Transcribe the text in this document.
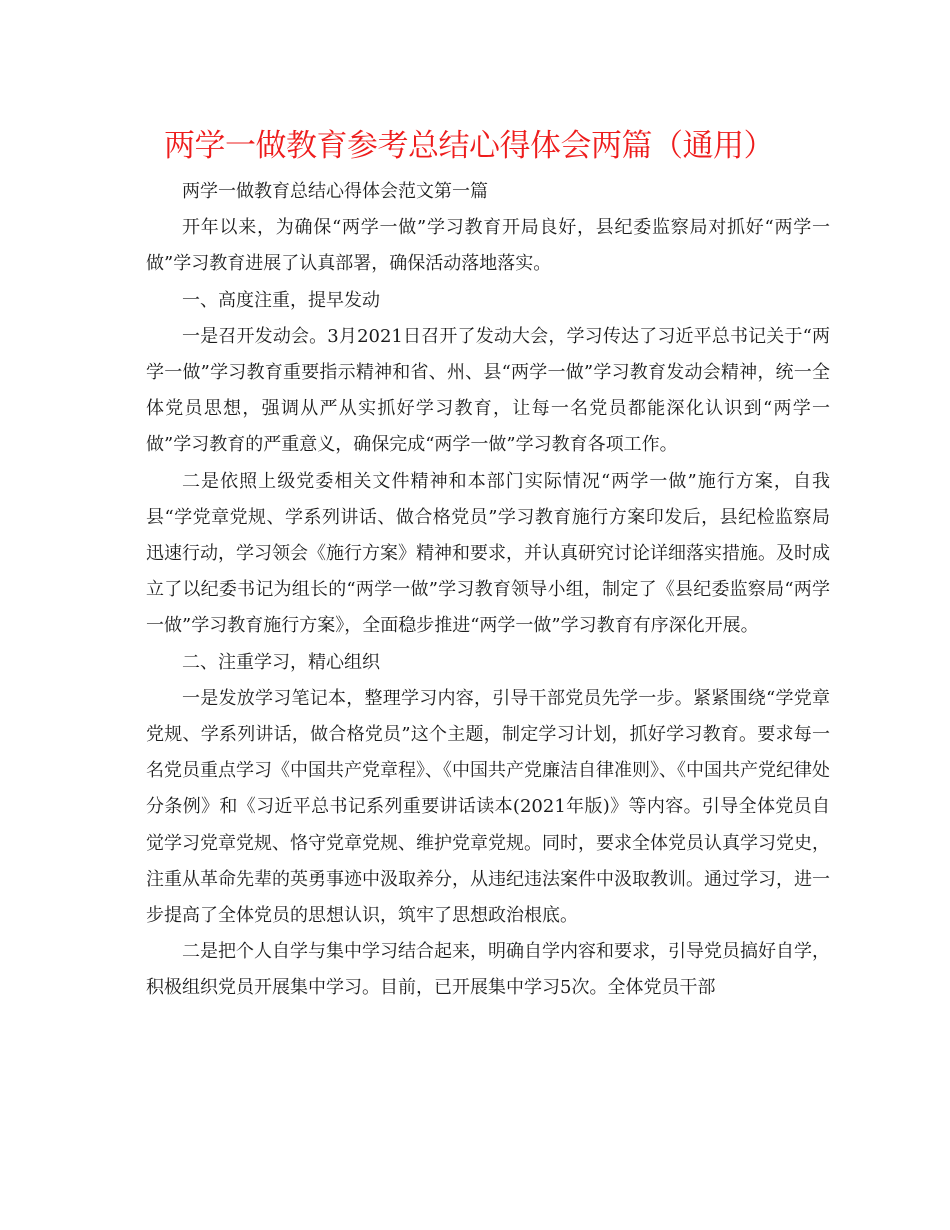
两学一做教育参考总结心得体会两篇（通用）

两学一做教育总结心得体会范文第一篇

开年以来，为确保“两学一做”学习教育开局良好，县纪委监察局对抓好“两学一做”学习教育进展了认真部署，确保活动落地落实。

一、高度注重，提早发动

一是召开发动会。3月2021日召开了发动大会，学习传达了习近平总书记关于“两学一做”学习教育重要指示精神和省、州、县“两学一做”学习教育发动会精神，统一全体党员思想，强调从严从实抓好学习教育，让每一名党员都能深化认识到“两学一做”学习教育的严重意义，确保完成“两学一做”学习教育各项工作。

二是依照上级党委相关文件精神和本部门实际情况“两学一做”施行方案，自我县“学党章党规、学系列讲话、做合格党员”学习教育施行方案印发后，县纪检监察局迅速行动，学习领会《施行方案》精神和要求，并认真研究讨论详细落实措施。及时成立了以纪委书记为组长的“两学一做”学习教育领导小组，制定了《县纪委监察局“两学一做”学习教育施行方案》，全面稳步推进“两学一做”学习教育有序深化开展。

二、注重学习，精心组织

一是发放学习笔记本，整理学习内容，引导干部党员先学一步。紧紧围绕“学党章党规、学系列讲话，做合格党员”这个主题，制定学习计划，抓好学习教育。要求每一名党员重点学习《中国共产党章程》、《中国共产党廉洁自律准则》、《中国共产党纪律处分条例》和《习近平总书记系列重要讲话读本(2021年版)》等内容。引导全体党员自觉学习党章党规、恪守党章党规、维护党章党规。同时，要求全体党员认真学习党史，注重从革命先辈的英勇事迹中汲取养分，从违纪违法案件中汲取教训。通过学习，进一步提高了全体党员的思想认识，筑牢了思想政治根底。

二是把个人自学与集中学习结合起来，明确自学内容和要求，引导党员搞好自学，积极组织党员开展集中学习。目前，已开展集中学习5次。全体党员干部
